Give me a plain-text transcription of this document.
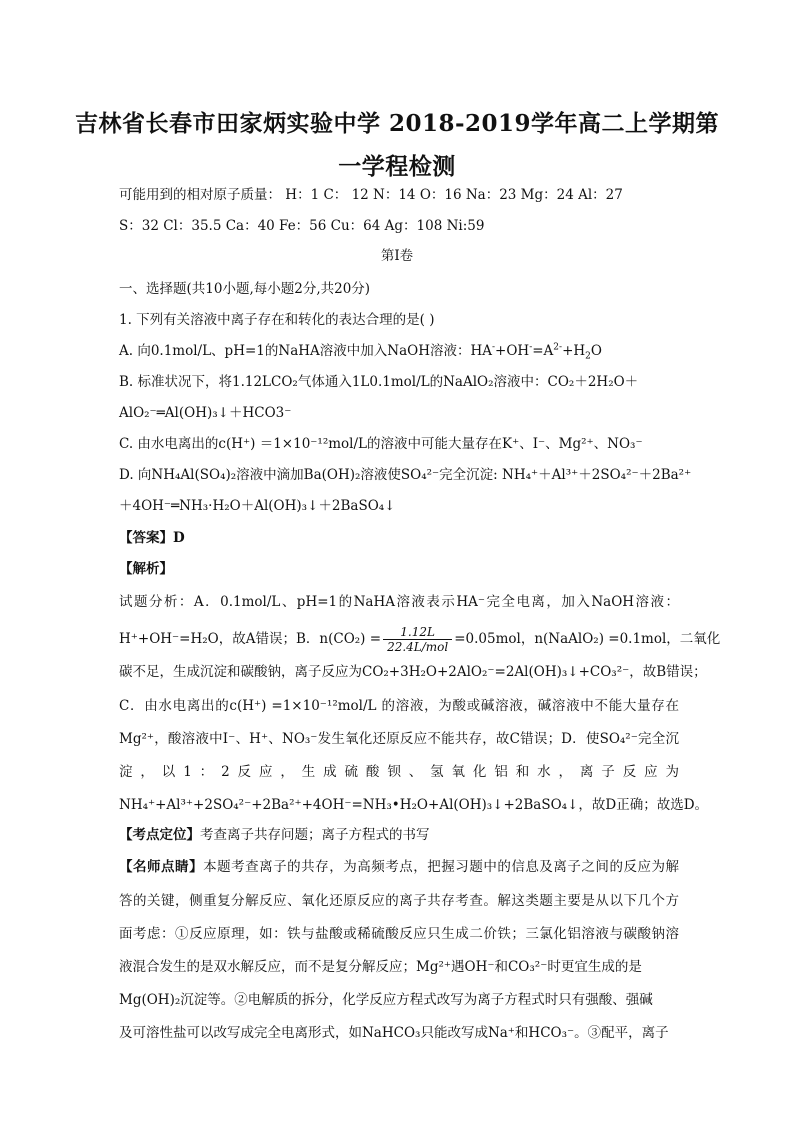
吉林省长春市田家炳实验中学 2018-2019学年高二上学期第
一学程检测
可能用到的相对原子质量： H：1 C： 12 N：14 O：16 Na：23 Mg：24 Al：27
S：32 Cl：35.5 Ca：40 Fe：56 Cu：64 Ag：108 Ni:59
第I卷
一、选择题(共10小题,每小题2分,共20分)
1. 下列有关溶液中离子存在和转化的表达合理的是( )
A. 向0.1mol/L、pH=1的NaHA溶液中加入NaOH溶液：$HA^-+OH^-=A^{2-}+H_2O$
B. 标准状况下，将1.12LCO₂气体通入1L0.1mol/L的NaAlO₂溶液中：CO₂＋2H₂O＋
AlO₂⁻═Al(OH)₃↓＋HCO3⁻
C. 由水电离出的c(H⁺) ＝1×10⁻¹²mol/L的溶液中可能大量存在K⁺、I⁻、Mg²⁺、NO₃⁻
D. 向NH₄Al(SO₄)₂溶液中滴加Ba(OH)₂溶液使SO₄²⁻完全沉淀: NH₄⁺＋Al³⁺＋2SO₄²⁻＋2Ba²⁺
＋4OH⁻═NH₃·H₂O＋Al(OH)₃↓＋2BaSO₄↓
【答案】D
【解析】
试题分析：A．0.1mol/L、pH=1的NaHA溶液表示HA⁻完全电离，加入NaOH溶液：
H⁺+OH⁻=H₂O，故A错误；B．$n(CO_2) = \frac{1.12L}{\text{22.4L/mol}} =0.05mol$，n(NaAlO₂) =0.1mol，二氧化
碳不足，生成沉淀和碳酸钠，离子反应为CO₂+3H₂O+2AlO₂⁻=2Al(OH)₃↓+CO₃²⁻，故B错误；
C．由水电离出的c(H⁺) =1×10⁻¹²mol/L 的溶液，为酸或碱溶液，碱溶液中不能大量存在
Mg²⁺，酸溶液中I⁻、H⁺、NO₃⁻发生氧化还原反应不能共存，故C错误；D．使SO₄²⁻完全沉
淀，以1：2反应，生成硫酸钡、氢氧化铝和水，离子反应为
NH₄⁺+Al³⁺+2SO₄²⁻+2Ba²⁺+4OH⁻=NH₃•H₂O+Al(OH)₃↓+2BaSO₄↓，故D正确；故选D。
【考点定位】考查离子共存问题；离子方程式的书写
【名师点睛】本题考查离子的共存，为高频考点，把握习题中的信息及离子之间的反应为解
答的关键，侧重复分解反应、氧化还原反应的离子共存考查。解这类题主要是从以下几个方
面考虑：①反应原理，如：铁与盐酸或稀硫酸反应只生成二价铁；三氯化铝溶液与碳酸钠溶
液混合发生的是双水解反应，而不是复分解反应；Mg²⁺遇OH⁻和CO₃²⁻时更宜生成的是
Mg(OH)₂沉淀等。②电解质的拆分，化学反应方程式改写为离子方程式时只有强酸、强碱
及可溶性盐可以改写成完全电离形式，如NaHCO₃只能改写成Na⁺和HCO₃⁻。③配平，离子
